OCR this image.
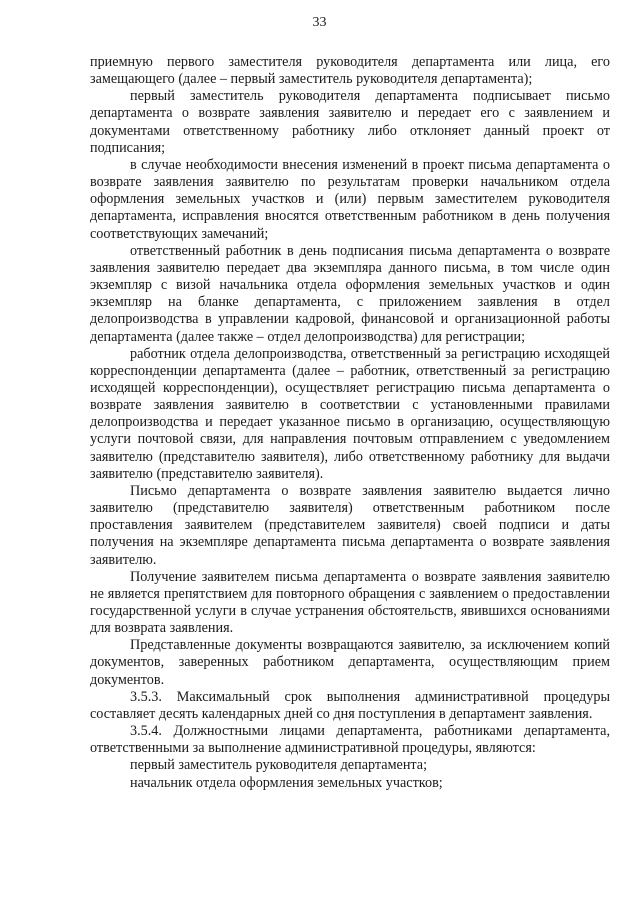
33

приемную первого заместителя руководителя департамента или лица, его замещающего (далее – первый заместитель руководителя департамента);

первый заместитель руководителя департамента подписывает письмо департамента о возврате заявления заявителю и передает его с заявлением и документами ответственному работнику либо отклоняет данный проект от подписания;

в случае необходимости внесения изменений в проект письма департамента о возврате заявления заявителю по результатам проверки начальником отдела оформления земельных участков и (или) первым заместителем руководителя департамента, исправления вносятся ответственным работником в день получения соответствующих замечаний;

ответственный работник в день подписания письма департамента о возврате заявления заявителю передает два экземпляра данного письма, в том числе один экземпляр с визой начальника отдела оформления земельных участков и один экземпляр на бланке департамента, с приложением заявления в отдел делопроизводства в управлении кадровой, финансовой и организационной работы департамента (далее также – отдел делопроизводства) для регистрации;

работник отдела делопроизводства, ответственный за регистрацию исходящей корреспонденции департамента (далее – работник, ответственный за регистрацию исходящей корреспонденции), осуществляет регистрацию письма департамента о возврате заявления заявителю в соответствии с установленными правилами делопроизводства и передает указанное письмо в организацию, осуществляющую услуги почтовой связи, для направления почтовым отправлением с уведомлением заявителю (представителю заявителя), либо ответственному работнику для выдачи заявителю (представителю заявителя).

Письмо департамента о возврате заявления заявителю выдается лично заявителю (представителю заявителя) ответственным работником после проставления заявителем (представителем заявителя) своей подписи и даты получения на экземпляре департамента письма департамента о возврате заявления заявителю.

Получение заявителем письма департамента о возврате заявления заявителю не является препятствием для повторного обращения с заявлением о предоставлении государственной услуги в случае устранения обстоятельств, явившихся основаниями для возврата заявления.

Представленные документы возвращаются заявителю, за исключением копий документов, заверенных работником департамента, осуществляющим прием документов.

3.5.3. Максимальный срок выполнения административной процедуры составляет десять календарных дней со дня поступления в департамент заявления.

3.5.4. Должностными лицами департамента, работниками департамента, ответственными за выполнение административной процедуры, являются:

первый заместитель руководителя департамента;

начальник отдела оформления земельных участков;
